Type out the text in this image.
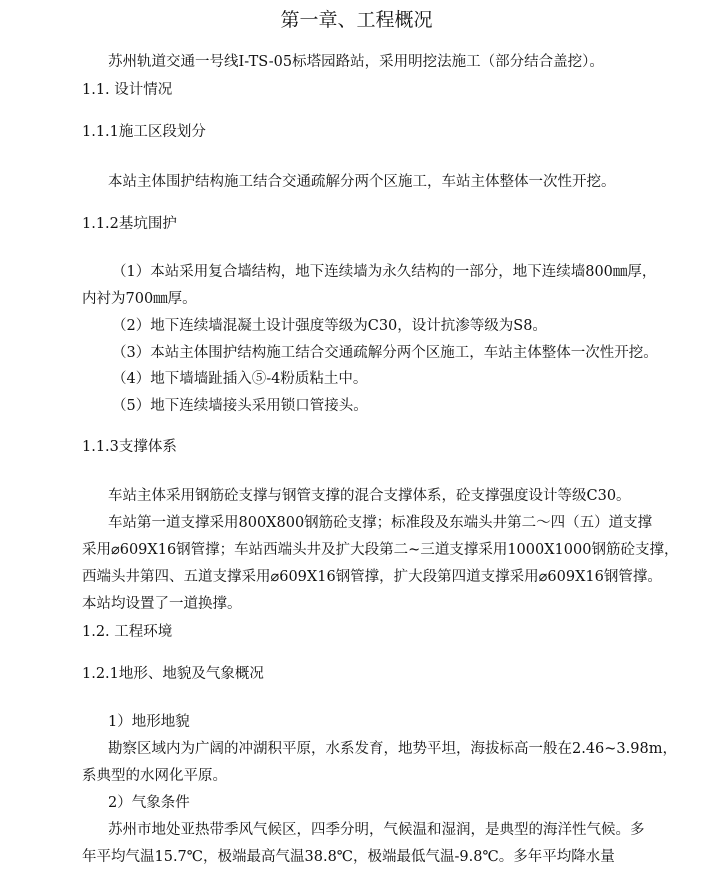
第一章、工程概况
苏州轨道交通一号线Ⅰ-TS-05标塔园路站，采用明挖法施工（部分结合盖挖）。
1.1. 设计情况
1.1.1施工区段划分
本站主体围护结构施工结合交通疏解分两个区施工，车站主体整体一次性开挖。
1.1.2基坑围护
（1）本站采用复合墙结构，地下连续墙为永久结构的一部分，地下连续墙800㎜厚，
内衬为700㎜厚。
（2）地下连续墙混凝土设计强度等级为C30，设计抗渗等级为S8。
（3）本站主体围护结构施工结合交通疏解分两个区施工，车站主体整体一次性开挖。
（4）地下墙墙趾插入⑤-4粉质粘土中。
（5）地下连续墙接头采用锁口管接头。
1.1.3支撑体系
车站主体采用钢筋砼支撑与钢管支撑的混合支撑体系，砼支撑强度设计等级C30。
车站第一道支撑采用800X800钢筋砼支撑；标准段及东端头井第二～四（五）道支撑
采用⌀609X16钢管撑；车站西端头井及扩大段第二~三道支撑采用1000X1000钢筋砼支撑，
西端头井第四、五道支撑采用⌀609X16钢管撑，扩大段第四道支撑采用⌀609X16钢管撑。
本站均设置了一道换撑。
1.2. 工程环境
1.2.1地形、地貌及气象概况
1）地形地貌
勘察区域内为广阔的冲湖积平原，水系发育，地势平坦，海拔标高一般在2.46~3.98m，
系典型的水网化平原。
2）气象条件
苏州市地处亚热带季风气候区，四季分明，气候温和湿润，是典型的海洋性气候。多
年平均气温15.7℃，极端最高气温38.8℃，极端最低气温-9.8℃。多年平均降水量
